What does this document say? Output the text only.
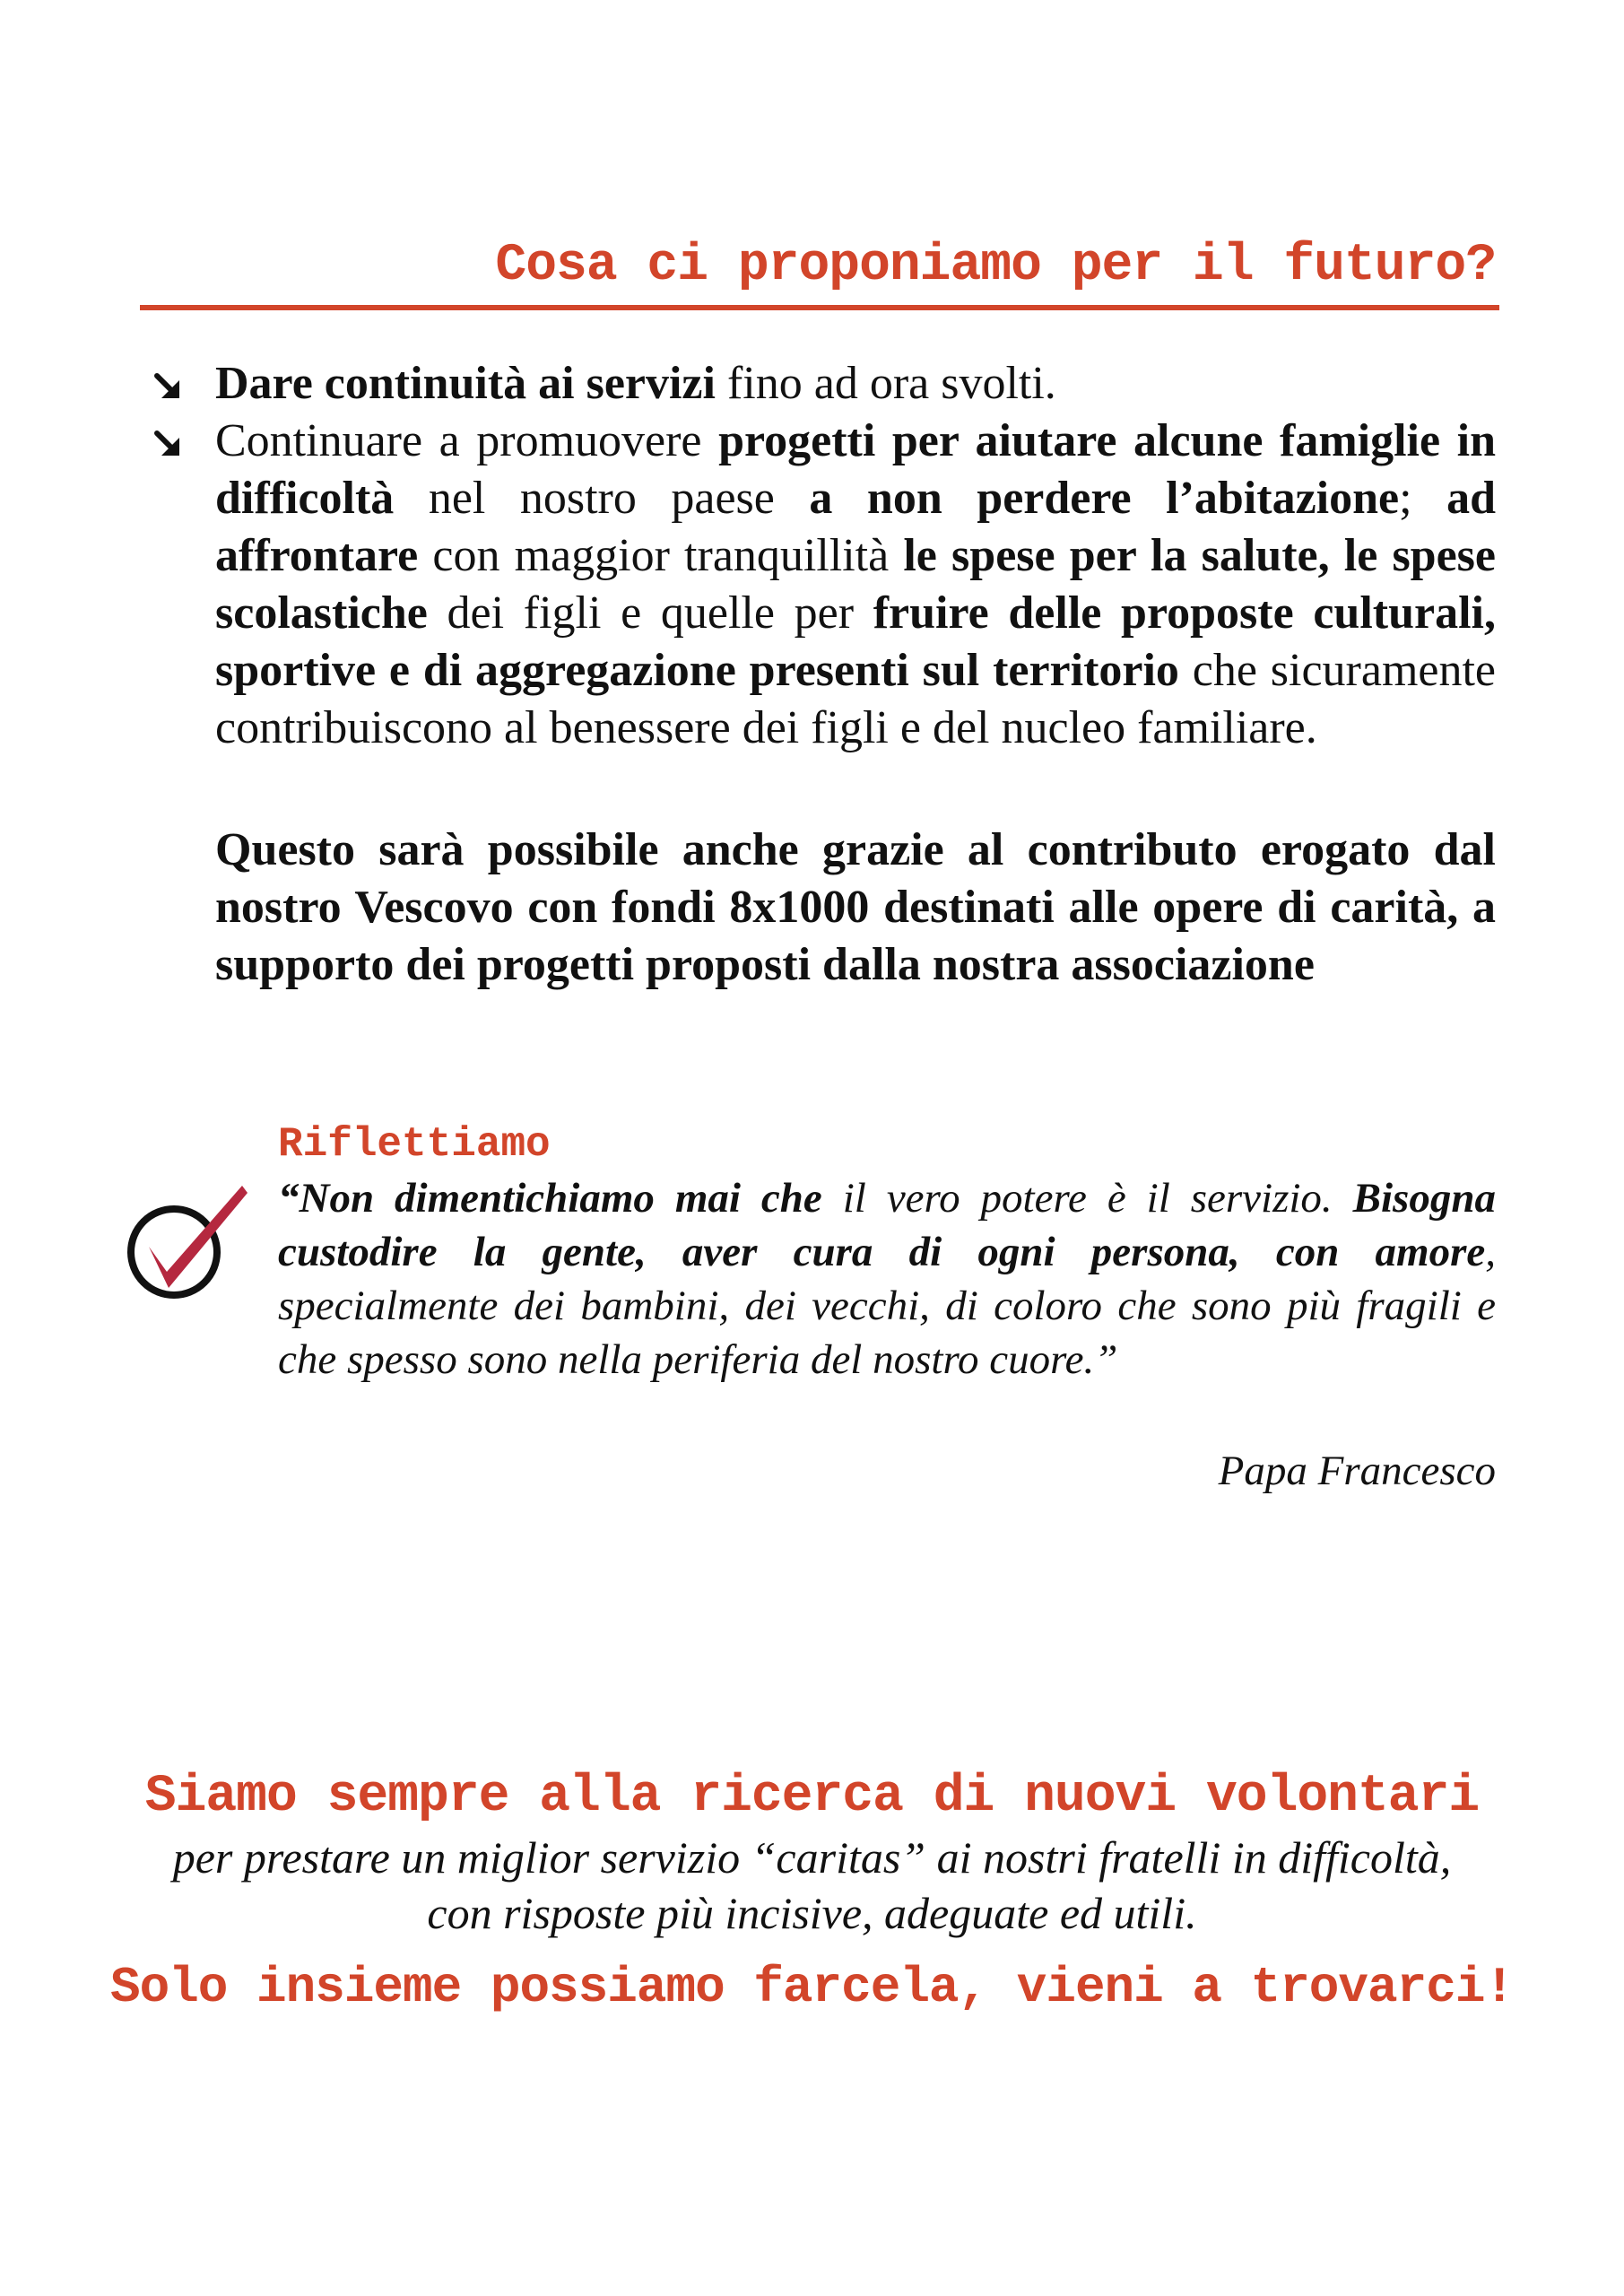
Cosa ci proponiamo per il futuro?
Dare continuità ai servizi fino ad ora svolti.
Continuare a promuovere progetti per aiutare alcune famiglie in difficoltà nel nostro paese a non perdere l’abitazione; ad affrontare con maggior tranquillità le spese per la salute, le spese scolastiche dei figli e quelle per fruire delle proposte culturali, sportive e di aggregazione presenti sul territorio che sicuramente contribuiscono al benessere dei figli e del nucleo familiare.

Questo sarà possibile anche grazie al contributo erogato dal nostro Vescovo con fondi 8x1000 destinati alle opere di carità, a supporto dei progetti proposti dalla nostra associazione

Riflettiamo

“Non dimentichiamo mai che il vero potere è il servizio. Bisogna custodire la gente, aver cura di ogni persona, con amore, specialmente dei bambini, dei vecchi, di coloro che sono più fragili e che spesso sono nella periferia del nostro cuore.”

Papa Francesco
Siamo sempre alla ricerca di nuovi volontari

per prestare un miglior servizio “caritas” ai nostri fratelli in difficoltà, con risposte più incisive, adeguate ed utili.

Solo insieme possiamo farcela, vieni a trovarci!
